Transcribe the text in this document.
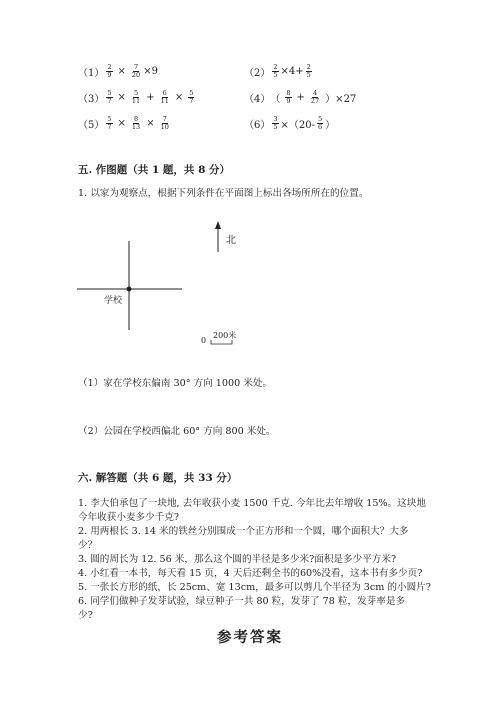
$(1) \frac{2}{9} \times \frac{7}{20} \times 9$	$(2) \frac{2}{5} \times 4+ \frac{2}{5}$
$(3) \frac{5}{7} \times \frac{5}{11} + \frac{6}{11} \times \frac{5}{7}$	（4） （ $\frac{8}{9} + \frac{4}{27} )\times 27$
$(5) \frac{5}{7} \times \frac{8}{13} \times \frac{7}{10}$	$(6) \frac{3}{5} \times(20- \frac{5}{6}$ ）
五. 作图题（共 1 题，共 8 分）
1. 以家为观察点，根据下列条件在平面图上标出各场所所在的位置。
北
学校
0
200米
（1）家在学校东偏南 30° 方向 1000 米处。
（2）公园在学校西偏北 60° 方向 800 米处。
六. 解答题（共 6 题，共 33 分）
1. 李大伯承包了一块地, 去年收获小麦 1500 千克. 今年比去年增收 15%。这块地
今年收获小麦多少千克?
2. 用两根长 3. 14 米的铁丝分别围成一个正方形和一个圆，哪个面积大？大多
少？
3. 圆的周长为 12. 56 米，那么这个圆的半径是多少米?面积是多少平方米?
4. 小红看一本书，每天看 15 页，4 天后还剩全书的60%没看，这本书有多少页?
5. 一张长方形的纸，长 25cm、宽 13cm，最多可以剪几个半径为 3cm 的小圆片?
6. 同学们做种子发芽试验，绿豆种子一共 80 粒，发芽了 78 粒，发芽率是多
少?
参考答案
